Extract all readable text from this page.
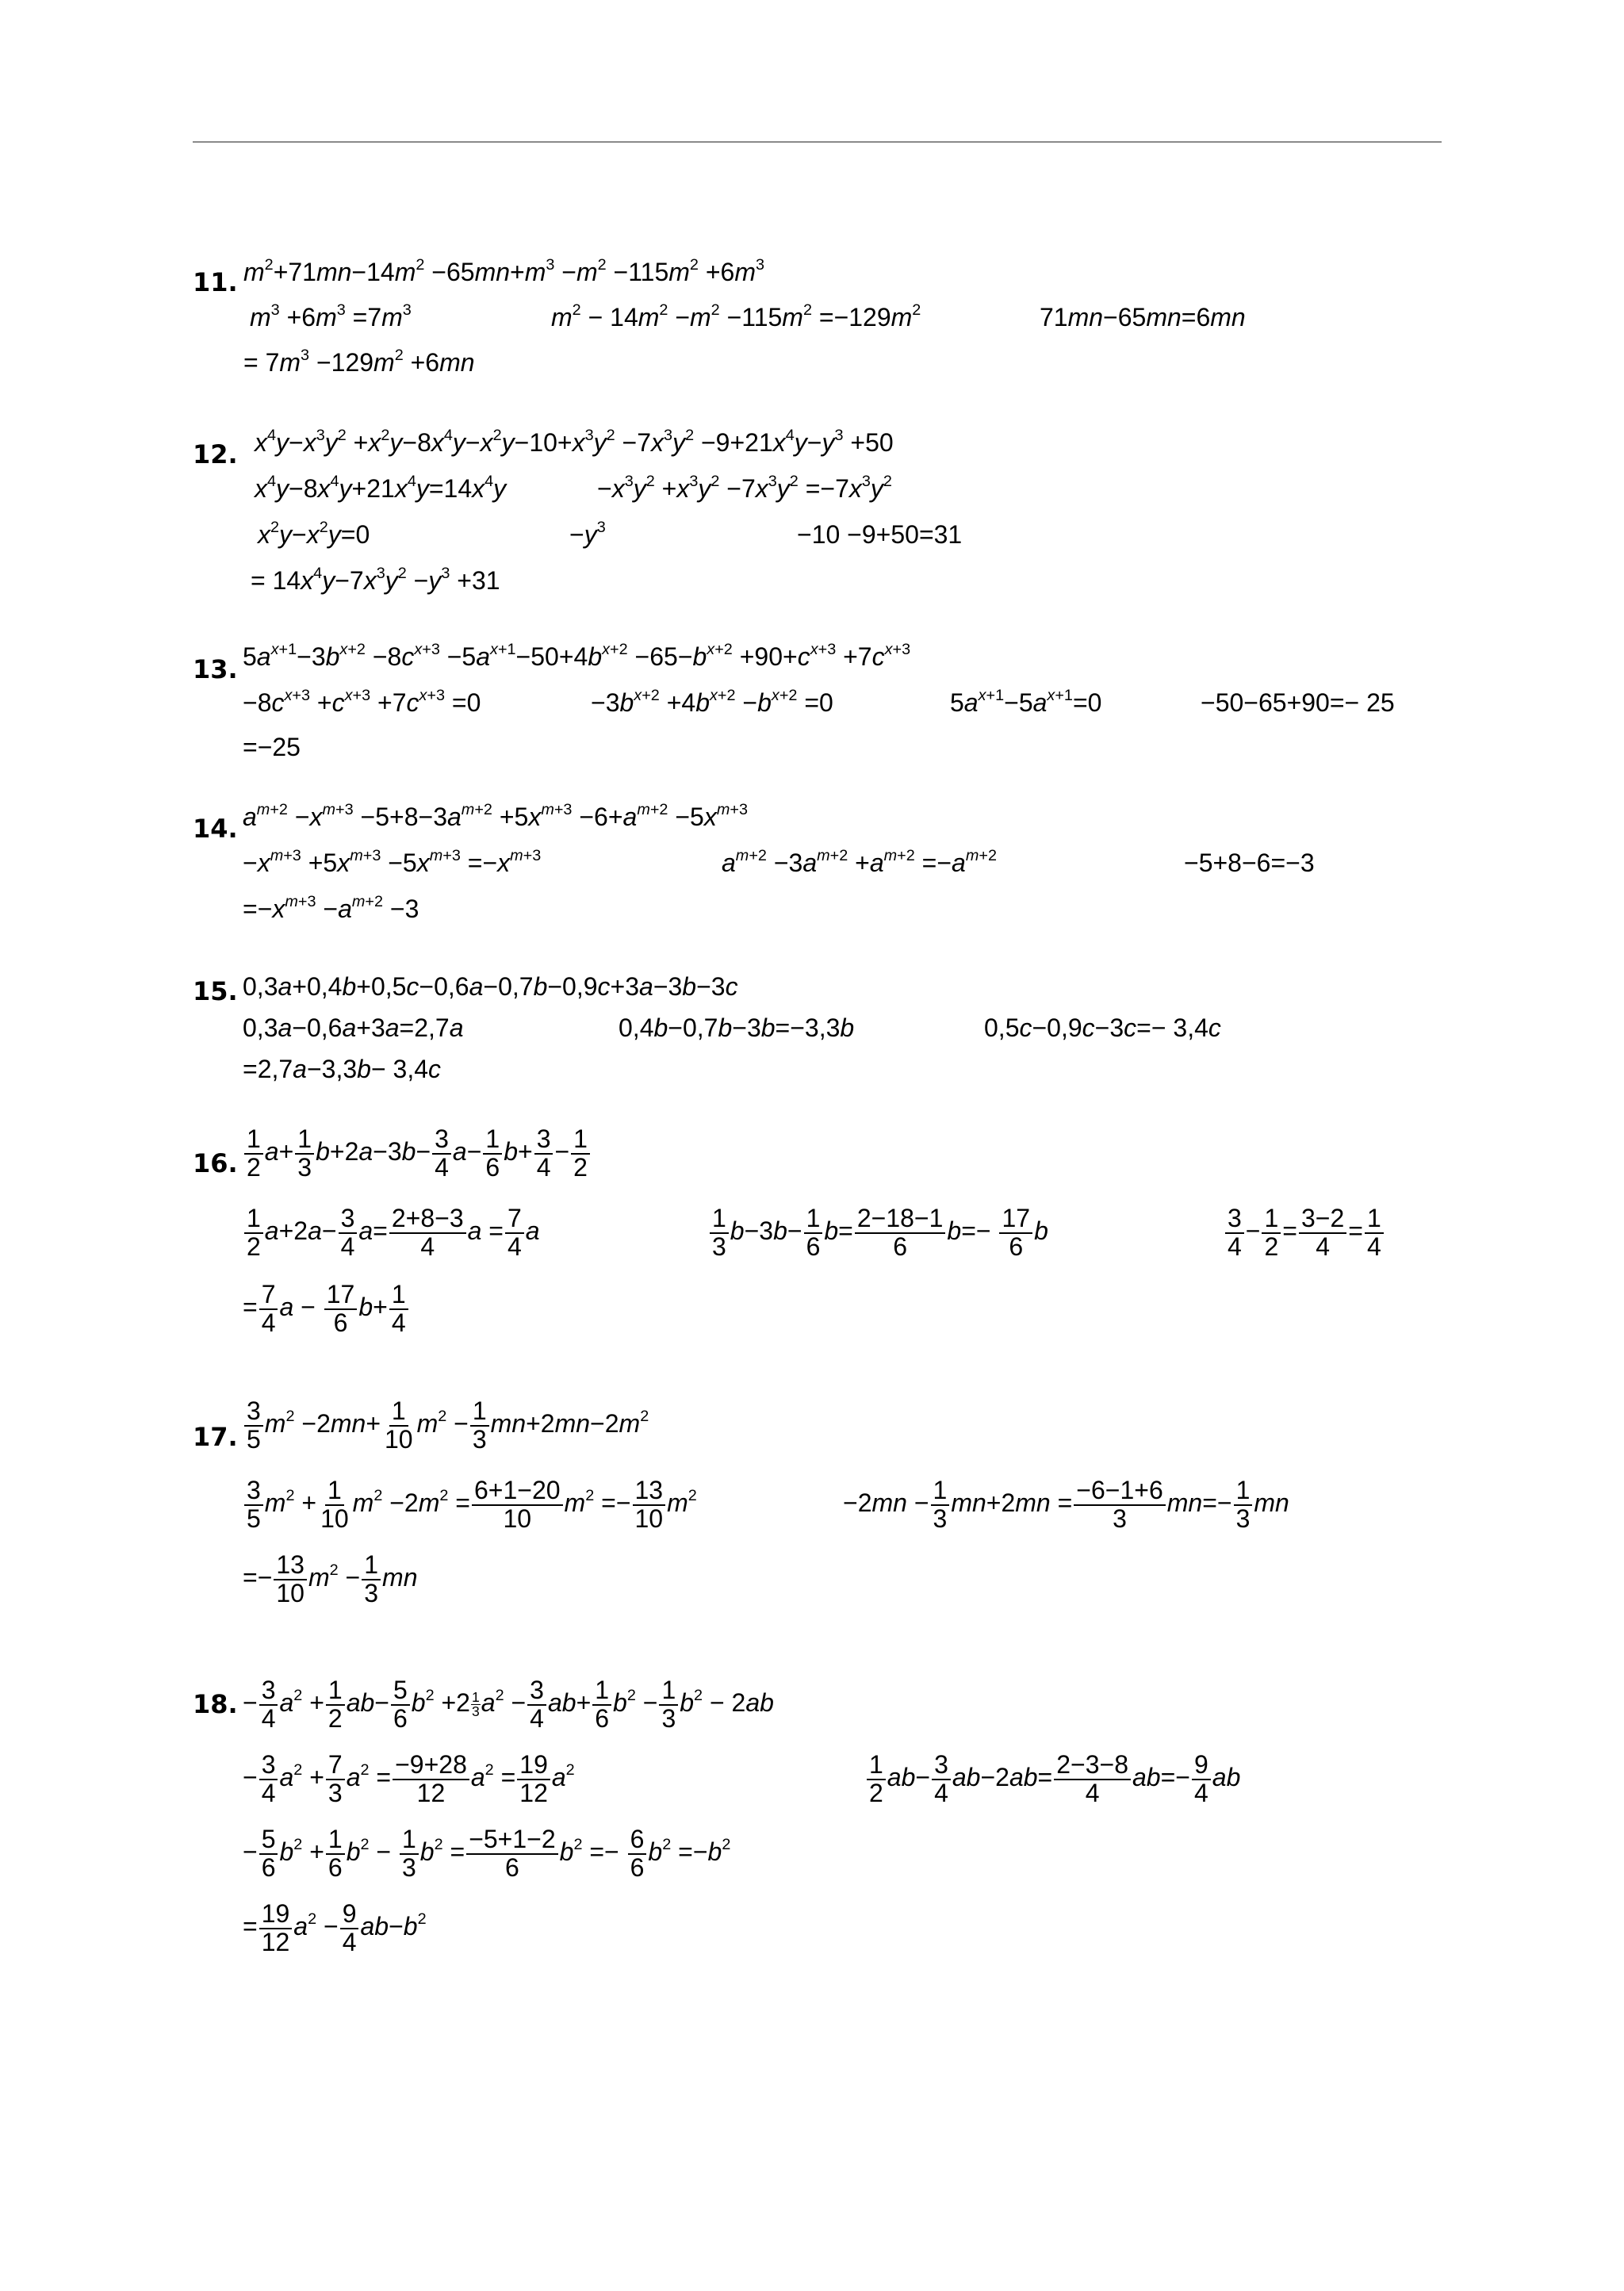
11. $m^2+71mn-14m^2 -65mn+m^3 -m^2 -115m^2 +6m^3$
$m^3 +6m^3 =7m^3$	$m^2 - 14m^2 -m^2 -115m^2 =-129m^2$	71mn−65mn=6mn
= $7m^3 -129m^2 +6mn$
12. $x^4y-x^3y^2 +x^2y-8x^4y-x^2y-10+x^3y^2 -7x^3y^2 -9+21x^4y-y^3 +50$
$x^4y-8x^4y+21x^4y=14x^4y$	$-x^3y^2 +x^3y^2 -7x^3y^2 =-7x^3y^2$
$x^2y-x^2y=0$	$-y^3$	−10 −9+50=31
= $14x^4y-7x^3y^2 -y^3 +31$
13. $5a^{x+1}-3b^{x+2} -8c^{x+3} -5a^{x+1}-50+4b^{x+2} -65-b^{x+2} +90+c^{x+3} +7c^{x+3}$
$-8c^{x+3} +c^{x+3} +7c^{x+3} =0$	$-3b^{x+2} +4b^{x+2} -b^{x+2} =0$	$5a^{x+1}-5a^{x+1}=0$	−50−65+90=− 25
=−25
14. $a^{m+2} -x^{m+3} -5+8-3a^{m+2} +5x^{m+3} -6+a^{m+2} -5x^{m+3}$
$-x^{m+3} +5x^{m+3} -5x^{m+3} =-x^{m+3}$	$a^{m+2} -3a^{m+2} +a^{m+2} =-a^{m+2}$	−5+8−6=−3
$=-x^{m+3} -a^{m+2} -3$
15. 0,3a+0,4b+0,5c−0,6a−0,7b−0,9c+3a−3b−3c
0,3a−0,6a+3a=2,7a	0,4b−0,7b−3b=−3,3b	0,5c−0,9c−3c=− 3,4c
=2,7a−3,3b− 3,4c
16. $\frac{1}{2} a+ \frac{1}{3} b+2a-3b- \frac{3}{4} a- \frac{1}{6} b+ \frac{3}{4} - \frac{1}{2}$
$\frac{1}{2} a+2a- \frac{3}{4} a= \frac{2+8-3}{4}$ $a = \frac{7}{4}$ a	$\frac{1}{3} b-3b- \frac{1}{6} b= \frac{2-18-1}{6} b=- \frac{17}{6}$ b	$\frac{3}{4} - \frac{1}{2} = \frac{3-2}{4} = \frac{1}{4}$
= $\frac{7}{4}$ $a - \frac{17}{6} b+ \frac{1}{4}$
17. $\frac{3}{5} m^2 -2mn+ \frac{1}{10} m^2 - \frac{1}{3} mn+2mn-2m^2$
$\frac{3}{5} m^2 + \frac{1}{10} m^2 -2m^2 = \frac{6+1-20}{10} m^2 =- \frac{13}{10} m^2$	$-2mn - \frac{1}{3} mn+2mn = \frac{-6-1+6}{3} mn=- \frac{1}{3}$ mn
=− $\frac{13}{10} m^2 - \frac{1}{3}$ mn
18. − $\frac{3}{4} a^2 + \frac{1}{2} ab- \frac{5}{6} b^2 +2 \frac{1}{3} a^2 - \frac{3}{4} ab+ \frac{1}{6} b^2 - \frac{1}{3} b^2 - 2ab$
− $\frac{3}{4} a^2 + \frac{7}{3} a^2 = \frac{-9+28}{12} a^2 = \frac{19}{12} a^2$	$\frac{1}{2} ab- \frac{3}{4} ab-2ab= \frac{2-3-8}{4} ab=- \frac{9}{4}$ ab
− $\frac{5}{6} b^2 + \frac{1}{6} b^2 - \frac{1}{3} b^2 = \frac{-5+1-2}{6} b^2 =- \frac{6}{6} b^2 =-b^2$
= $\frac{19}{12} a^2 - \frac{9}{4} ab-b^2$
